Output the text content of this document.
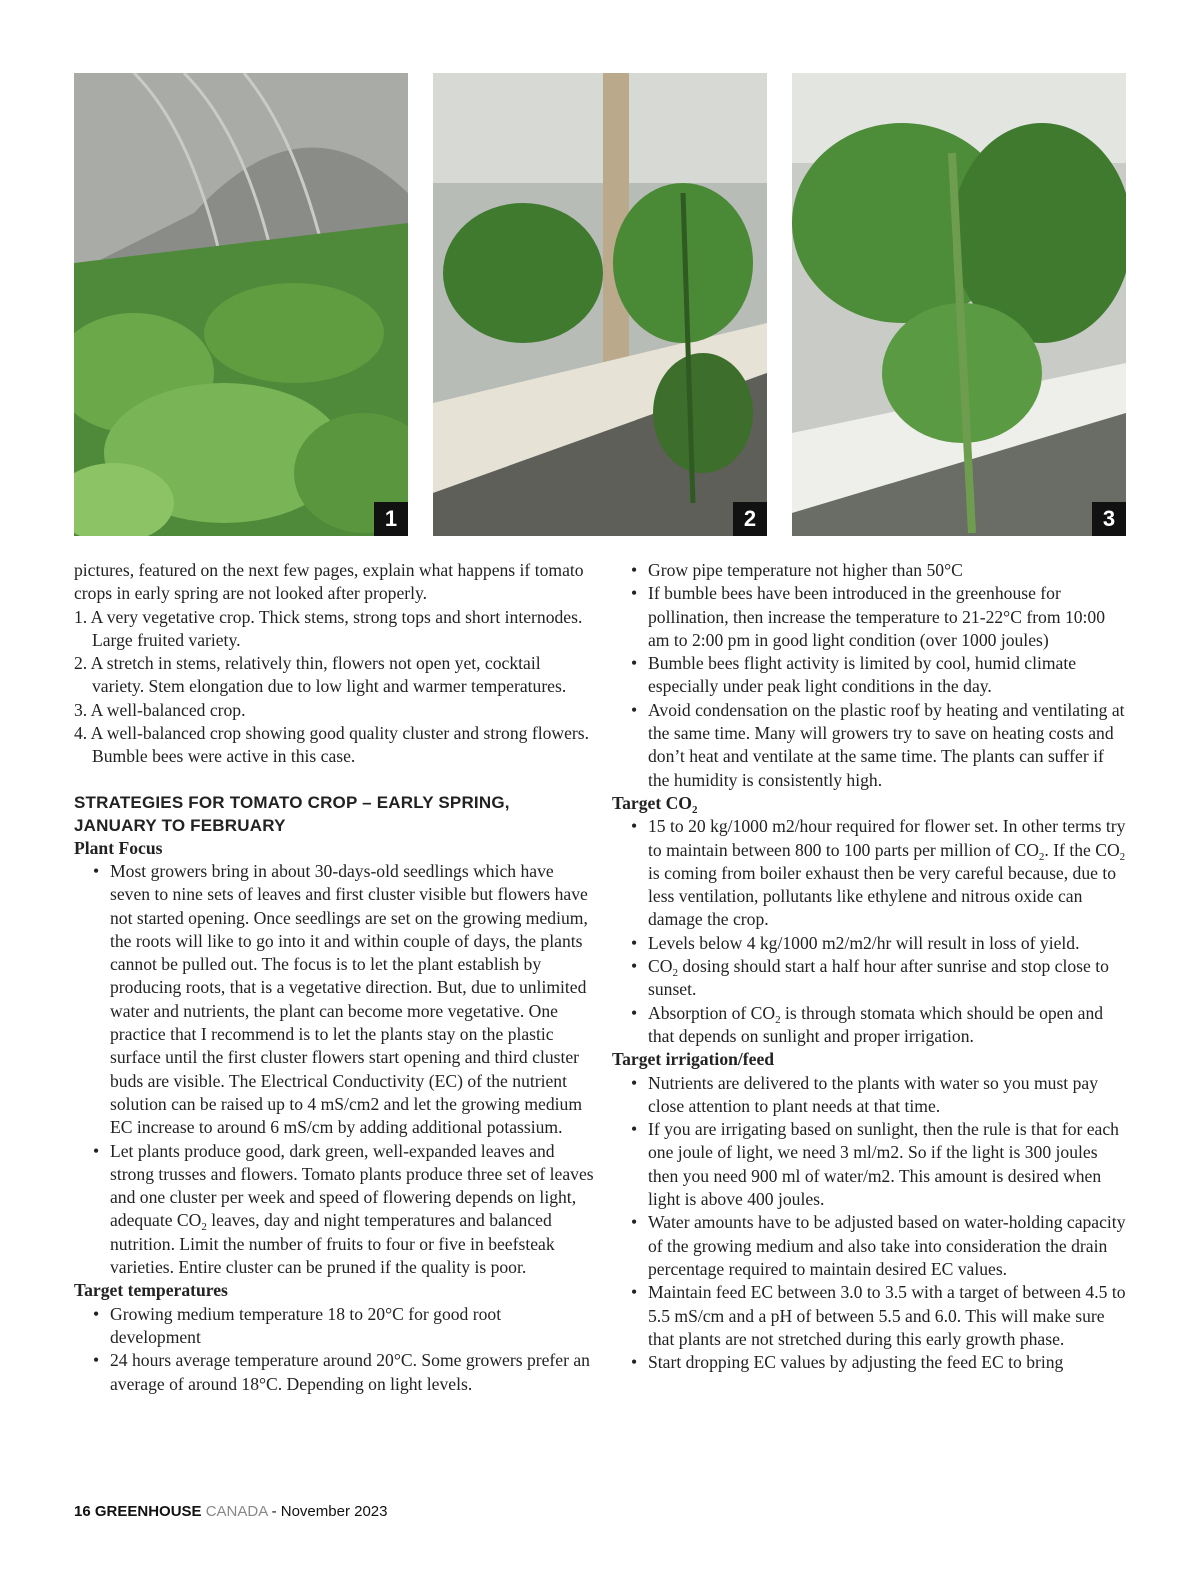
1	2	3

pictures, featured on the next few pages, explain what happens if tomato crops in early spring are not looked after properly.

1. A very vegetative crop. Thick stems, strong tops and short internodes. Large fruited variety.

2. A stretch in stems, relatively thin, flowers not open yet, cocktail variety. Stem elongation due to low light and warmer temperatures.

3. A well-balanced crop.

4. A well-balanced crop showing good quality cluster and strong flowers. Bumble bees were active in this case.

STRATEGIES FOR TOMATO CROP – EARLY SPRING,
JANUARY TO FEBRUARY

Plant Focus

• Most growers bring in about 30-days-old seedlings which have seven to nine sets of leaves and first cluster visible but flowers have not started opening. Once seedlings are set on the growing medium, the roots will like to go into it and within couple of days, the plants cannot be pulled out. The focus is to let the plant establish by producing roots, that is a vegetative direction. But, due to unlimited water and nutrients, the plant can become more vegetative. One practice that I recommend is to let the plants stay on the plastic surface until the first cluster flowers start opening and third cluster buds are visible. The Electrical Conductivity (EC) of the nutrient solution can be raised up to 4 mS/cm2 and let the growing medium EC increase to around 6 mS/cm by adding additional potassium.
• Let plants produce good, dark green, well-expanded leaves and strong trusses and flowers. Tomato plants produce three set of leaves and one cluster per week and speed of flowering depends on light, adequate $CO_2$ leaves, day and night temperatures and balanced nutrition. Limit the number of fruits to four or five in beefsteak varieties. Entire cluster can be pruned if the quality is poor.

Target temperatures

• Growing medium temperature 18 to 20°C for good root development
• 24 hours average temperature around 20°C. Some growers prefer an average of around 18°C. Depending on light levels.
• Grow pipe temperature not higher than 50°C
• If bumble bees have been introduced in the greenhouse for pollination, then increase the temperature to 21-22°C from 10:00 am to 2:00 pm in good light condition (over 1000 joules)
• Bumble bees flight activity is limited by cool, humid climate especially under peak light conditions in the day.
• Avoid condensation on the plastic roof by heating and ventilating at the same time. Many will growers try to save on heating costs and don’t heat and ventilate at the same time. The plants can suffer if the humidity is consistently high.

Target $CO_2$

• 15 to 20 kg/1000 m2/hour required for flower set. In other terms try to maintain between 800 to 100 parts per million of $CO_2$. If the $CO_2$ is coming from boiler exhaust then be very careful because, due to less ventilation, pollutants like ethylene and nitrous oxide can damage the crop.
• Levels below 4 kg/1000 m2/m2/hr will result in loss of yield.
• $CO_2$ dosing should start a half hour after sunrise and stop close to sunset.
• Absorption of $CO_2$ is through stomata which should be open and that depends on sunlight and proper irrigation.

Target irrigation/feed

• Nutrients are delivered to the plants with water so you must pay close attention to plant needs at that time.
• If you are irrigating based on sunlight, then the rule is that for each one joule of light, we need 3 ml/m2. So if the light is 300 joules then you need 900 ml of water/m2. This amount is desired when light is above 400 joules.
• Water amounts have to be adjusted based on water-holding capacity of the growing medium and also take into consideration the drain percentage required to maintain desired EC values.
• Maintain feed EC between 3.0 to 3.5 with a target of between 4.5 to 5.5 mS/cm and a pH of between 5.5 and 6.0. This will make sure that plants are not stretched during this early growth phase.
• Start dropping EC values by adjusting the feed EC to bring
16 GREENHOUSE CANADA - November 2023
